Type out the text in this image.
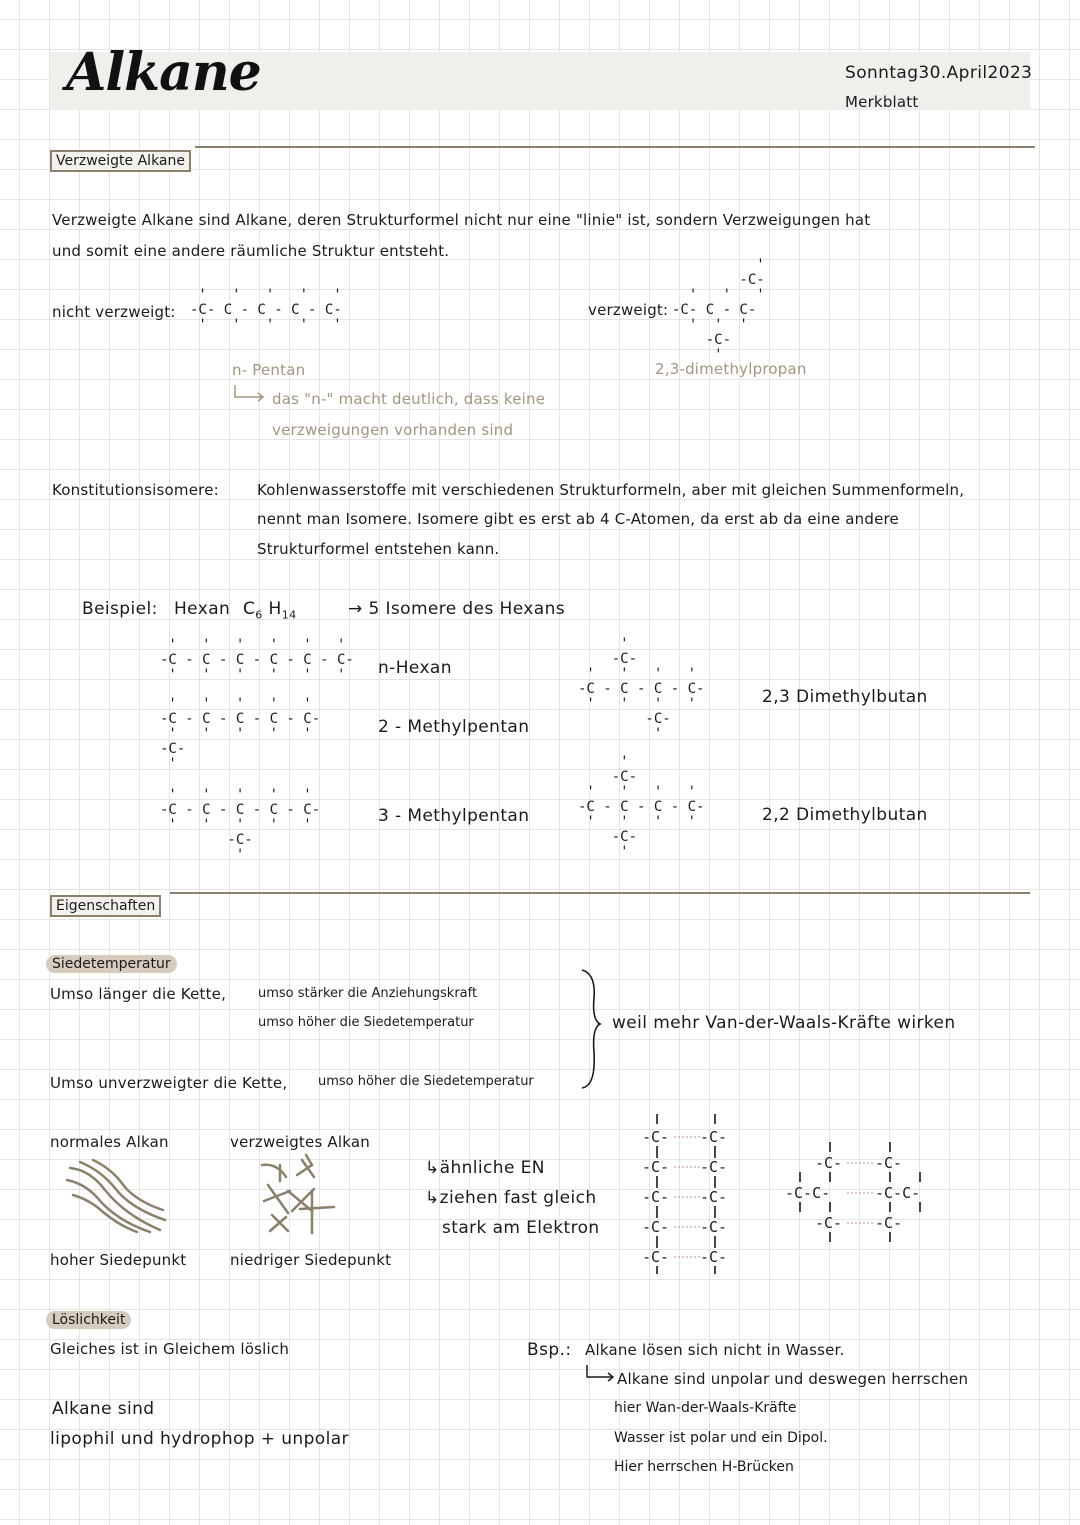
Alkane	Sonntag30.April2023
Merkblatt
Verzweigte Alkane
Verzweigte Alkane sind Alkane, deren Strukturformel nicht nur eine "linie" ist, sondern Verzweigungen hat
und somit eine andere räumliche Struktur entsteht.
nicht verzweigt:
'   '   '   '   '
-C- C - C - C - C-
'   '   '   '   '
n- Pentan
das "n-" macht deutlich, dass keine
verzweigungen vorhanden sind
verzweigt:
'
-C-
'   '   '
-C- C - C-
'  '  '
-C-
'
2,3-dimethylpropan
Konstitutionsisomere:	Kohlenwasserstoffe mit verschiedenen Strukturformeln, aber mit gleichen Summenformeln,
nennt man Isomere. Isomere gibt es erst ab 4 C-Atomen, da erst ab da eine andere
Strukturformel entstehen kann.
Beispiel: Hexan $C_6$ $H_{14}$	→ 5 Isomere des Hexans
'   '   '   '   '   '
-C - C - C - C - C - C-
'   '   '   '   '   '	n-Hexan
'   '   '   '   '
-C - C - C - C - C-
'   '   '   '   '
-C-
'
2 - Methylpentan
'   '   '   '   '
-C - C - C - C - C-
'   '   '   '   '
-C-
'
3 - Methylpentan
'
-C-
'   '   '   '
-C - C - C - C-
'   '   '   '
-C-
'
2,3 Dimethylbutan
'
-C-
'   '   '   '
-C - C - C - C-
'   '   '   '
-C-
'
2,2 Dimethylbutan
Eigenschaften
Siedetemperatur
Umso länger die Kette, umso stärker die Anziehungskraft
umso höher die Siedetemperatur
Umso unverzweigter die Kette, umso höher die Siedetemperatur
weil mehr Van-der-Waals-Kräfte wirken
normales Alkan
hoher Siedepunkt
verzweigtes Alkan
niedriger Siedepunkt
↳ähnliche EN
↳ziehen fast gleich
stark am Elektron
-C- -C-
-C- -C-
-C- -C-
-C- -C-
-C- -C-
-C- -C-
-C-C-	-C-C-
-C- -C-
Löslichkeit
Gleiches ist in Gleichem löslich
Alkane sind
lipophil und hydrophop + unpolar
Bsp.: Alkane lösen sich nicht in Wasser.
Alkane sind unpolar und deswegen herrschen
hier Wan-der-Waals-Kräfte
Wasser ist polar und ein Dipol.
Hier herrschen H-Brücken
